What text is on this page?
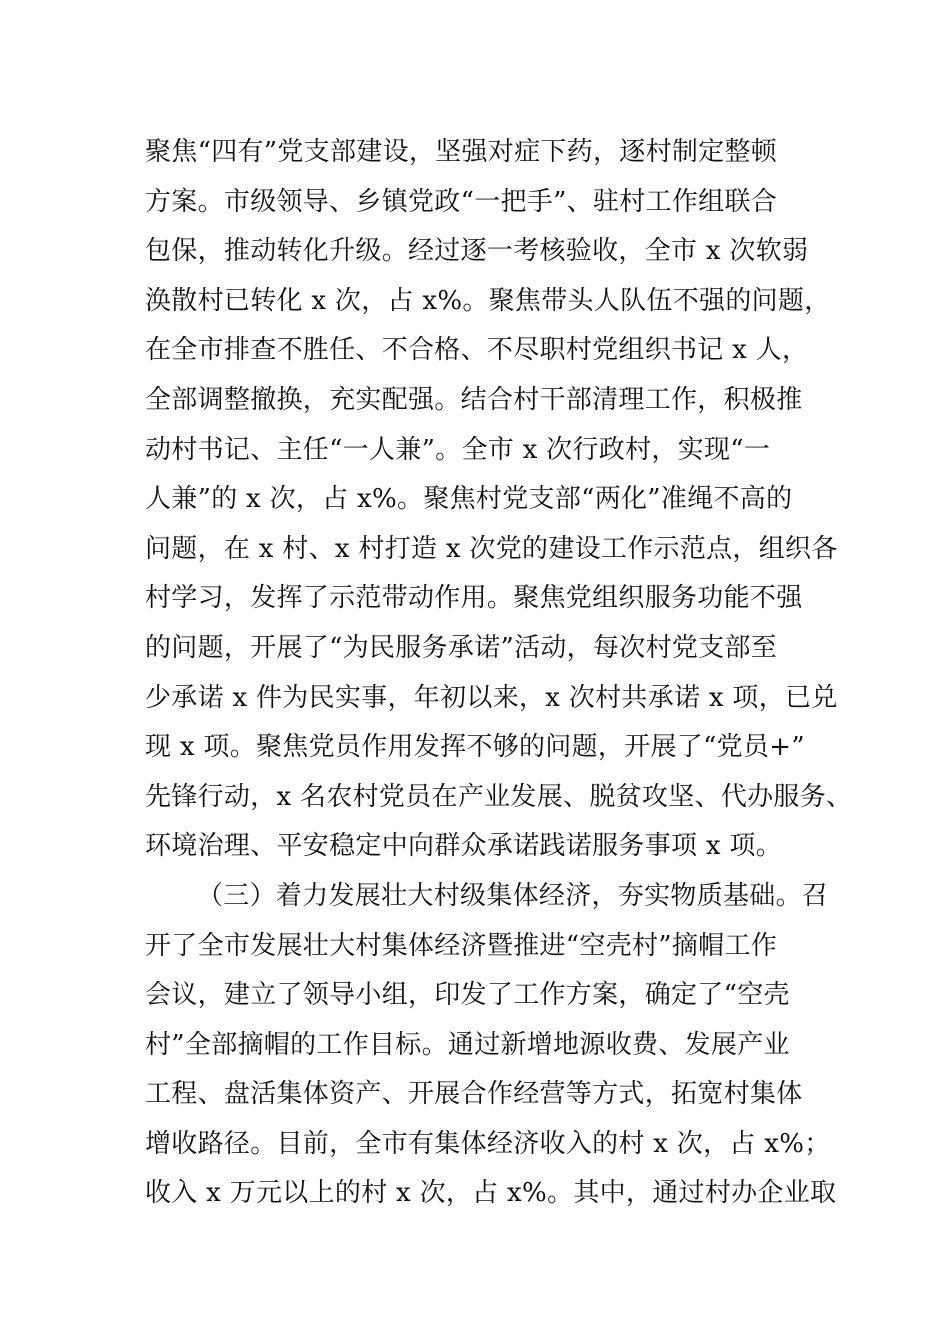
聚焦“四有”党支部建设，坚强对症下药，逐村制定整顿
方案。市级领导、乡镇党政“一把手”、驻村工作组联合
包保，推动转化升级。经过逐一考核验收，全市 x 次软弱
涣散村已转化 x 次，占 x%。聚焦带头人队伍不强的问题，
在全市排查不胜任、不合格、不尽职村党组织书记 x 人，
全部调整撤换，充实配强。结合村干部清理工作，积极推
动村书记、主任“一人兼”。全市 x 次行政村，实现“一
人兼”的 x 次，占 x%。聚焦村党支部“两化”准绳不高的
问题，在 x 村、x 村打造 x 次党的建设工作示范点，组织各
村学习，发挥了示范带动作用。聚焦党组织服务功能不强
的问题，开展了“为民服务承诺”活动，每次村党支部至
少承诺 x 件为民实事，年初以来，x 次村共承诺 x 项，已兑
现 x 项。聚焦党员作用发挥不够的问题，开展了“党员+”
先锋行动，x 名农村党员在产业发展、脱贫攻坚、代办服务、
环境治理、平安稳定中向群众承诺践诺服务事项 x 项。
（三）着力发展壮大村级集体经济，夯实物质基础。召
开了全市发展壮大村集体经济暨推进“空壳村”摘帽工作
会议，建立了领导小组，印发了工作方案，确定了“空壳
村”全部摘帽的工作目标。通过新增地源收费、发展产业
工程、盘活集体资产、开展合作经营等方式，拓宽村集体
增收路径。目前，全市有集体经济收入的村 x 次，占 x%；
收入 x 万元以上的村 x 次，占 x%。其中，通过村办企业取
